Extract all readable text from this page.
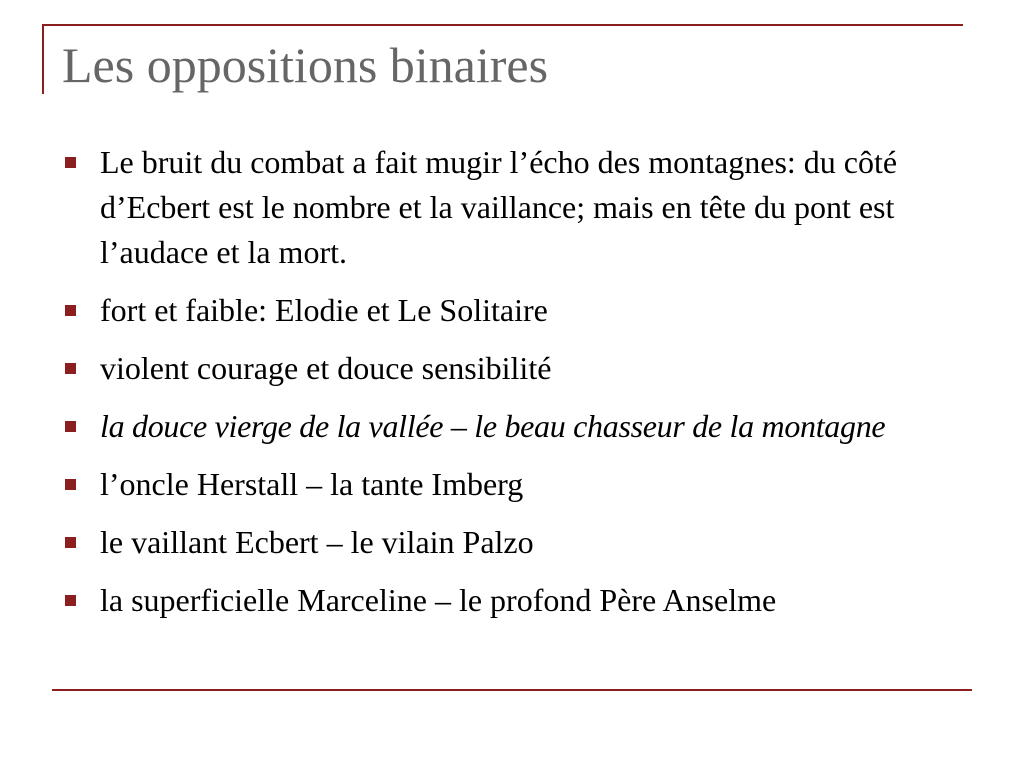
Les oppositions binaires
Le bruit du combat a fait mugir l’écho des montagnes: du côté d’Ecbert est le nombre et la vaillance; mais en tête du pont est l’audace et la mort.
fort et faible: Elodie et Le Solitaire
violent courage et douce sensibilité
la douce vierge de la vallée – le beau chasseur de la montagne
l’oncle Herstall – la tante Imberg
le vaillant Ecbert – le vilain Palzo
la superficielle Marceline – le profond Père Anselme
